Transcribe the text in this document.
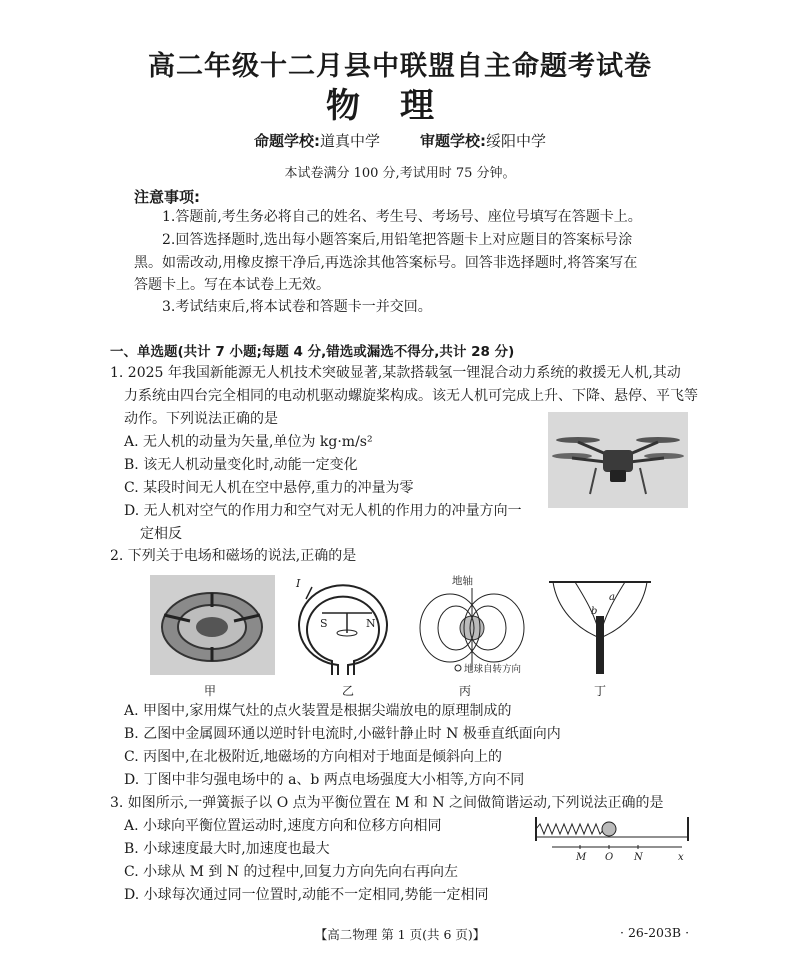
高二年级十二月县中联盟自主命题考试卷
物理
命题学校:道真中学	审题学校:绥阳中学
本试卷满分 100 分,考试用时 75 分钟。
注意事项:
1.答题前,考生务必将自己的姓名、考生号、考场号、座位号填写在答题卡上。
2.回答选择题时,选出每小题答案后,用铅笔把答题卡上对应题目的答案标号涂
黑。如需改动,用橡皮擦干净后,再选涂其他答案标号。回答非选择题时,将答案写在
答题卡上。写在本试卷上无效。
3.考试结束后,将本试卷和答题卡一并交回。
一、单选题(共计 7 小题;每题 4 分,错选或漏选不得分,共计 28 分)
1. 2025 年我国新能源无人机技术突破显著,某款搭载氢一锂混合动力系统的救援无人机,其动
力系统由四台完全相同的电动机驱动螺旋桨构成。该无人机可完成上升、下降、悬停、平飞等
动作。下列说法正确的是
A. 无人机的动量为矢量,单位为 kg·m/s²
B. 该无人机动量变化时,动能一定变化
C. 某段时间无人机在空中悬停,重力的冲量为零
D. 无人机对空气的作用力和空气对无人机的作用力的冲量方向一
定相反
2. 下列关于电场和磁场的说法,正确的是
甲
I
S	N
乙
地轴
地球自转方向
丙
a
b
丁
A. 甲图中,家用煤气灶的点火装置是根据尖端放电的原理制成的
B. 乙图中金属圆环通以逆时针电流时,小磁针静止时 N 极垂直纸面向内
C. 丙图中,在北极附近,地磁场的方向相对于地面是倾斜向上的
D. 丁图中非匀强电场中的 a、b 两点电场强度大小相等,方向不同
3. 如图所示,一弹簧振子以 O 点为平衡位置在 M 和 N 之间做简谐运动,下列说法正确的是
A. 小球向平衡位置运动时,速度方向和位移方向相同
B. 小球速度最大时,加速度也最大
C. 小球从 M 到 N 的过程中,回复力方向先向右再向左
D. 小球每次通过同一位置时,动能不一定相同,势能一定相同
M O N	x
【高二物理 第 1 页(共 6 页)】	· 26-203B ·
